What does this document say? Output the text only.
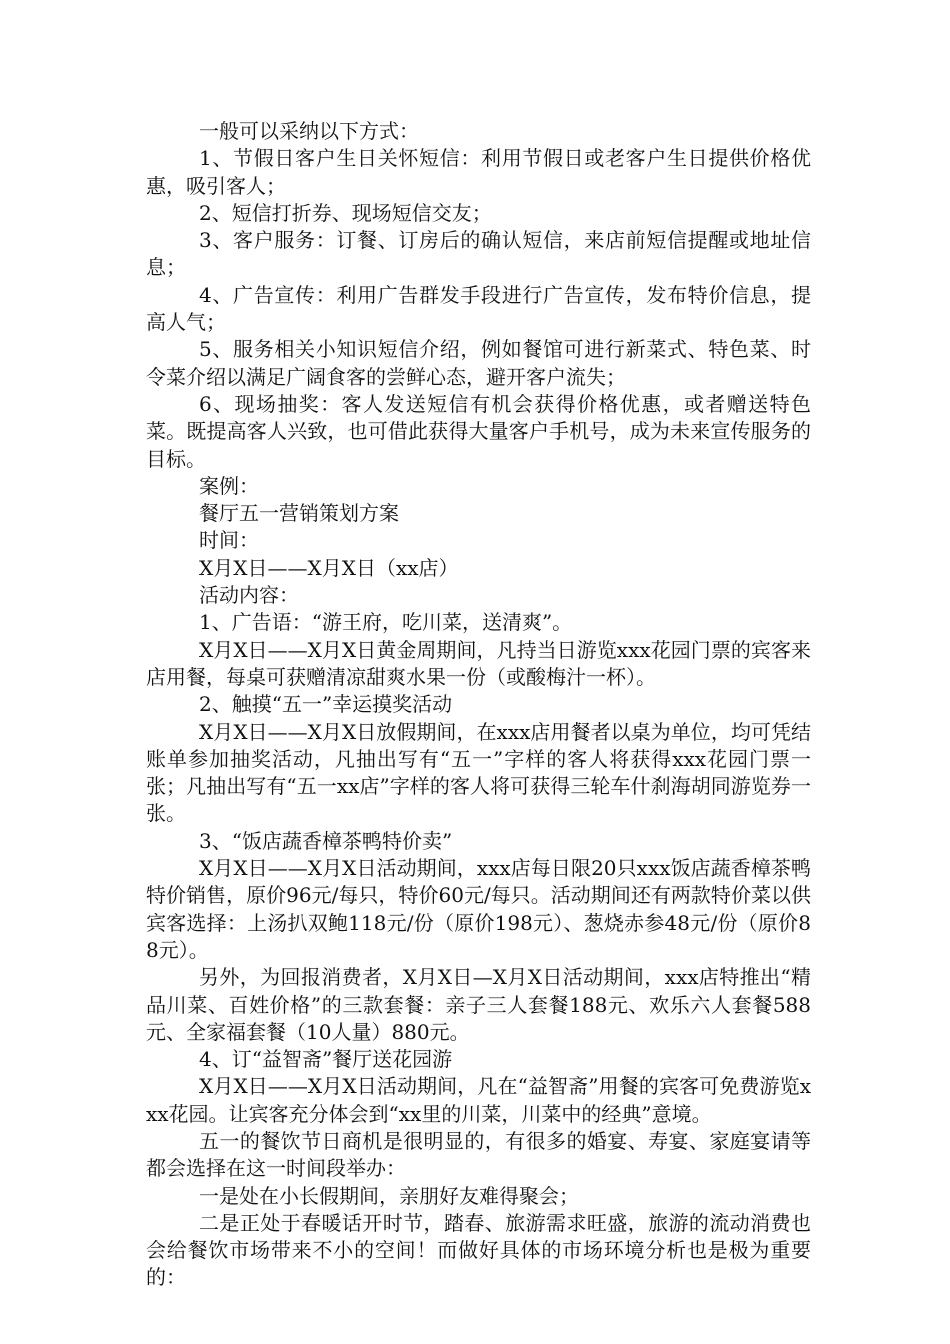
一般可以采纳以下方式：

1、节假日客户生日关怀短信：利用节假日或老客户生日提供价格优惠，吸引客人；

2、短信打折券、现场短信交友；

3、客户服务：订餐、订房后的确认短信，来店前短信提醒或地址信息；

4、广告宣传：利用广告群发手段进行广告宣传，发布特价信息，提高人气；

5、服务相关小知识短信介绍，例如餐馆可进行新菜式、特色菜、时令菜介绍以满足广阔食客的尝鲜心态，避开客户流失；

6、现场抽奖：客人发送短信有机会获得价格优惠，或者赠送特色菜。既提高客人兴致，也可借此获得大量客户手机号，成为未来宣传服务的目标。

案例：

餐厅五一营销策划方案

时间：

X月X日——X月X日（xx店）

活动内容：

1、广告语：“游王府，吃川菜，送清爽”。

X月X日——X月X日黄金周期间，凡持当日游览xxx花园门票的宾客来店用餐，每桌可获赠清凉甜爽水果一份（或酸梅汁一杯）。

2、触摸“五一”幸运摸奖活动

X月X日——X月X日放假期间，在xxx店用餐者以桌为单位，均可凭结账单参加抽奖活动，凡抽出写有“五一”字样的客人将获得xxx花园门票一张；凡抽出写有“五一xx店”字样的客人将可获得三轮车什刹海胡同游览券一张。

3、“饭店蔬香樟茶鸭特价卖”

X月X日——X月X日活动期间，xxx店每日限20只xxx饭店蔬香樟茶鸭特价销售，原价96元/每只，特价60元/每只。活动期间还有两款特价菜以供宾客选择：上汤扒双鲍118元/份（原价198元）、葱烧赤参48元/份（原价88元）。

另外，为回报消费者，X月X日—X月X日活动期间，xxx店特推出“精品川菜、百姓价格”的三款套餐：亲子三人套餐188元、欢乐六人套餐588元、全家福套餐（10人量）880元。

4、订“益智斋”餐厅送花园游

X月X日——X月X日活动期间，凡在“益智斋”用餐的宾客可免费游览xxx花园。让宾客充分体会到“xx里的川菜，川菜中的经典”意境。

五一的餐饮节日商机是很明显的，有很多的婚宴、寿宴、家庭宴请等都会选择在这一时间段举办：

一是处在小长假期间，亲朋好友难得聚会；

二是正处于春暖话开时节，踏春、旅游需求旺盛，旅游的流动消费也会给餐饮市场带来不小的空间！而做好具体的市场环境分析也是极为重要的：
